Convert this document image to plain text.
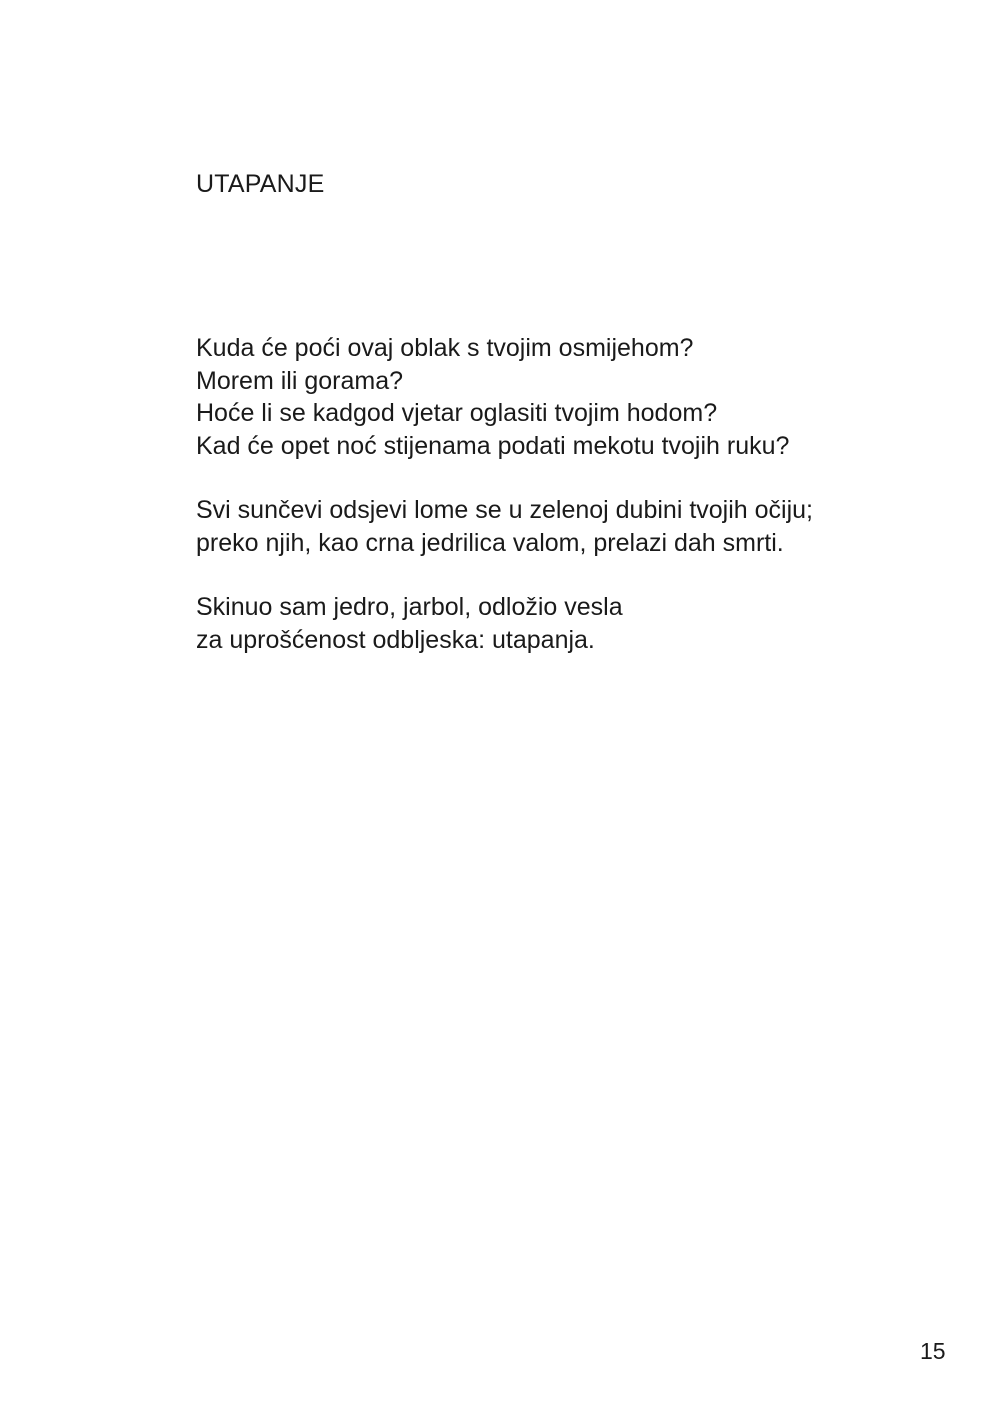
UTAPANJE
Kuda će poći ovaj oblak s tvojim osmijehom?
Morem ili gorama?
Hoće li se kadgod vjetar oglasiti tvojim hodom?
Kad će opet noć stijenama podati mekotu tvojih ruku?
Svi sunčevi odsjevi lome se u zelenoj dubini tvojih očiju;
preko njih, kao crna jedrilica valom, prelazi dah smrti.
Skinuo sam jedro, jarbol, odložio vesla
za uprošćenost odbljeska: utapanja.
15
